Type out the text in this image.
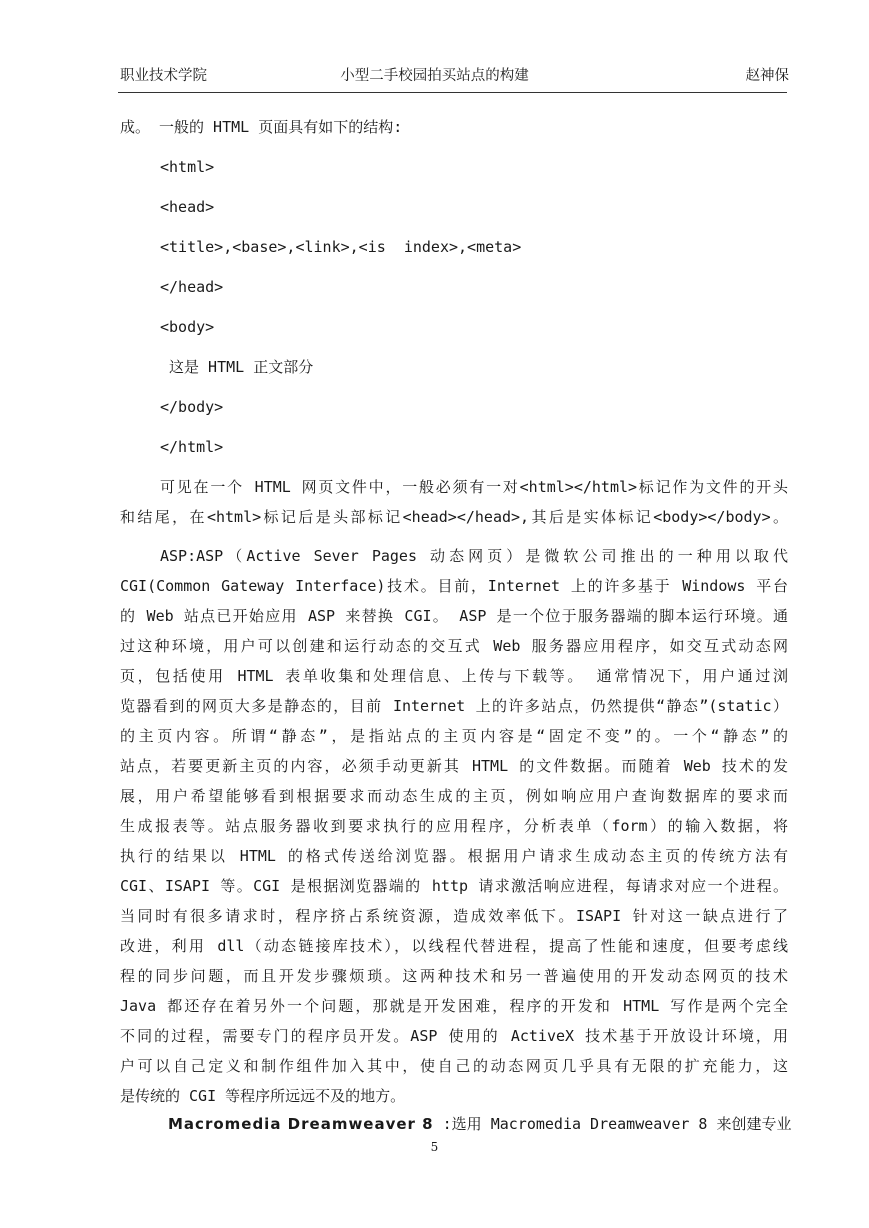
职业技术学院	小型二手校园拍买站点的构建	赵神保
成。 一般的 HTML 页面具有如下的结构:
<html>
<head>
<title>,<base>,<link>,<is  index>,<meta>
</head>
<body>
这是 HTML 正文部分
</body>
</html>
可见在一个 HTML 网页文件中，一般必须有一对<html></html>标记作为文件的开头
和结尾，在<html>标记后是头部标记<head></head>,其后是实体标记<body></body>。
ASP:ASP（Active Sever Pages 动态网页）是微软公司推出的一种用以取代
CGI(Common Gateway Interface)技术。目前，Internet 上的许多基于 Windows 平台
的 Web 站点已开始应用 ASP 来替换 CGI。 ASP 是一个位于服务器端的脚本运行环境。通
过这种环境，用户可以创建和运行动态的交互式 Web 服务器应用程序，如交互式动态网
页，包括使用 HTML 表单收集和处理信息、上传与下载等。 通常情况下，用户通过浏
览器看到的网页大多是静态的，目前 Internet 上的许多站点，仍然提供“静态”(static）
的主页内容。所谓“静态”，是指站点的主页内容是“固定不变”的。一个“静态”的
站点，若要更新主页的内容，必须手动更新其 HTML 的文件数据。而随着 Web 技术的发
展，用户希望能够看到根据要求而动态生成的主页，例如响应用户查询数据库的要求而
生成报表等。站点服务器收到要求执行的应用程序，分析表单（form）的输入数据，将
执行的结果以 HTML 的格式传送给浏览器。根据用户请求生成动态主页的传统方法有
CGI、ISAPI 等。CGI 是根据浏览器端的 http 请求激活响应进程，每请求对应一个进程。
当同时有很多请求时，程序挤占系统资源，造成效率低下。ISAPI 针对这一缺点进行了
改进，利用 dll（动态链接库技术），以线程代替进程，提高了性能和速度，但要考虑线
程的同步问题，而且开发步骤烦琐。这两种技术和另一普遍使用的开发动态网页的技术
Java 都还存在着另外一个问题，那就是开发困难，程序的开发和 HTML 写作是两个完全
不同的过程，需要专门的程序员开发。ASP 使用的 ActiveX 技术基于开放设计环境，用
户可以自己定义和制作组件加入其中，使自己的动态网页几乎具有无限的扩充能力，这
是传统的 CGI 等程序所远远不及的地方。
Macromedia Dreamweaver 8 :选用 Macromedia Dreamweaver 8 来创建专业
5
